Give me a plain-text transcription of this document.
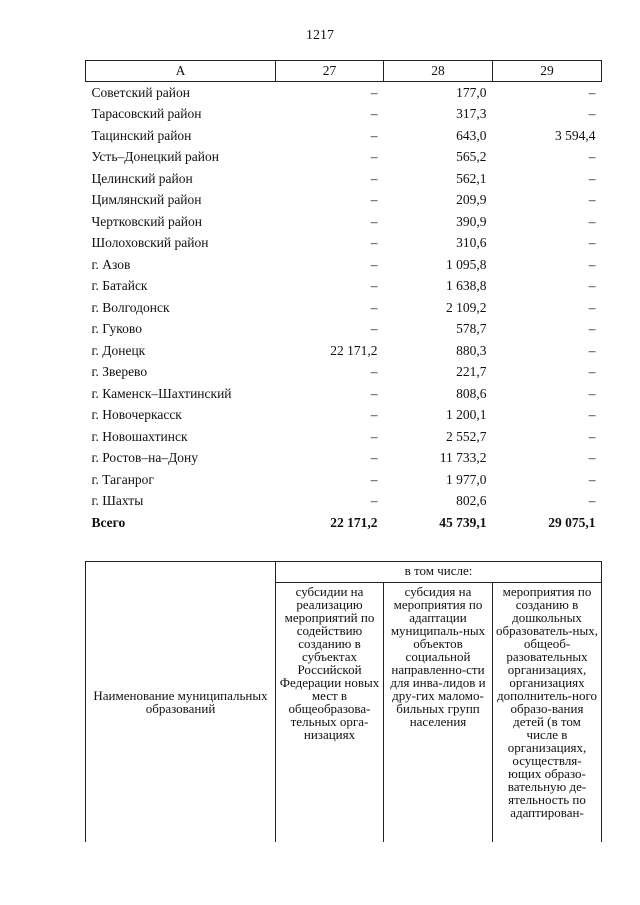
1217
А	27	28	29
Советский район	–	177,0	–
Тарасовский район	–	317,3	–
Тацинский район	–	643,0	3 594,4
Усть–Донецкий район	–	565,2	–
Целинский район	–	562,1	–
Цимлянский район	–	209,9	–
Чертковский район	–	390,9	–
Шолоховский район	–	310,6	–
г. Азов	–	1 095,8	–
г. Батайск	–	1 638,8	–
г. Волгодонск	–	2 109,2	–
г. Гуково	–	578,7	–
г. Донецк	22 171,2	880,3	–
г. Зверево	–	221,7	–
г. Каменск–Шахтинский	–	808,6	–
г. Новочеркасск	–	1 200,1	–
г. Новошахтинск	–	2 552,7	–
г. Ростов–на–Дону	–	11 733,2	–
г. Таганрог	–	1 977,0	–
г. Шахты	–	802,6	–
Всего	22 171,2	45 739,1	29 075,1
Наименование муниципальных образований	в том числе:		
	субсидии на реализацию мероприятий по содействию созданию в субъектах Российской Федерации новых мест в общеобразова-тельных орга-низациях	субсидия на мероприятия по адаптации муниципаль-ных объектов социальной направленно-сти для инва-лидов и дру-гих маломо-бильных групп населения	мероприятия по созданию в дошкольных образователь-ных, общеоб-разовательных организациях, организациях дополнитель-ного образо-вания детей (в том числе в организациях, осуществля-ющих образо-вательную де-ятельность по адаптирован-
